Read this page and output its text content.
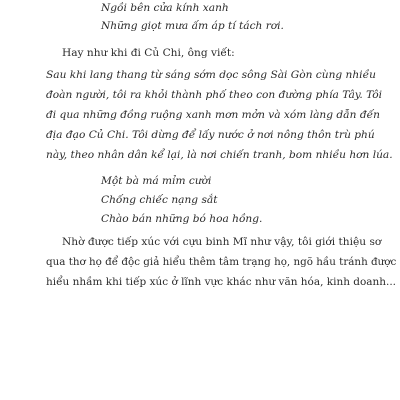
Ngồi bên cửa kính xanh

Những giọt mưa ấm áp tí tách rơi.

Hay như khi đi Củ Chi, ông viết:

Sau khi lang thang từ sáng sớm dọc sông Sài Gòn cùng nhiều

đoàn người, tôi ra khỏi thành phố theo con đường phía Tây. Tôi

đi qua những đồng ruộng xanh mơn mởn và xóm làng dẫn đến

địa đạo Củ Chi. Tôi dừng để lấy nước ở nơi nông thôn trù phú

này, theo nhân dân kể lại, là nơi chiến tranh, bom nhiều hơn lúa.

Một bà má mỉm cười

Chống chiếc nạng sắt

Chào bán những bó hoa hồng.

Nhờ được tiếp xúc với cựu binh Mĩ như vậy, tôi giới thiệu sơ

qua thơ họ để độc giả hiểu thêm tâm trạng họ, ngõ hầu tránh được

hiểu nhầm khi tiếp xúc ở lĩnh vực khác như văn hóa, kinh doanh...
